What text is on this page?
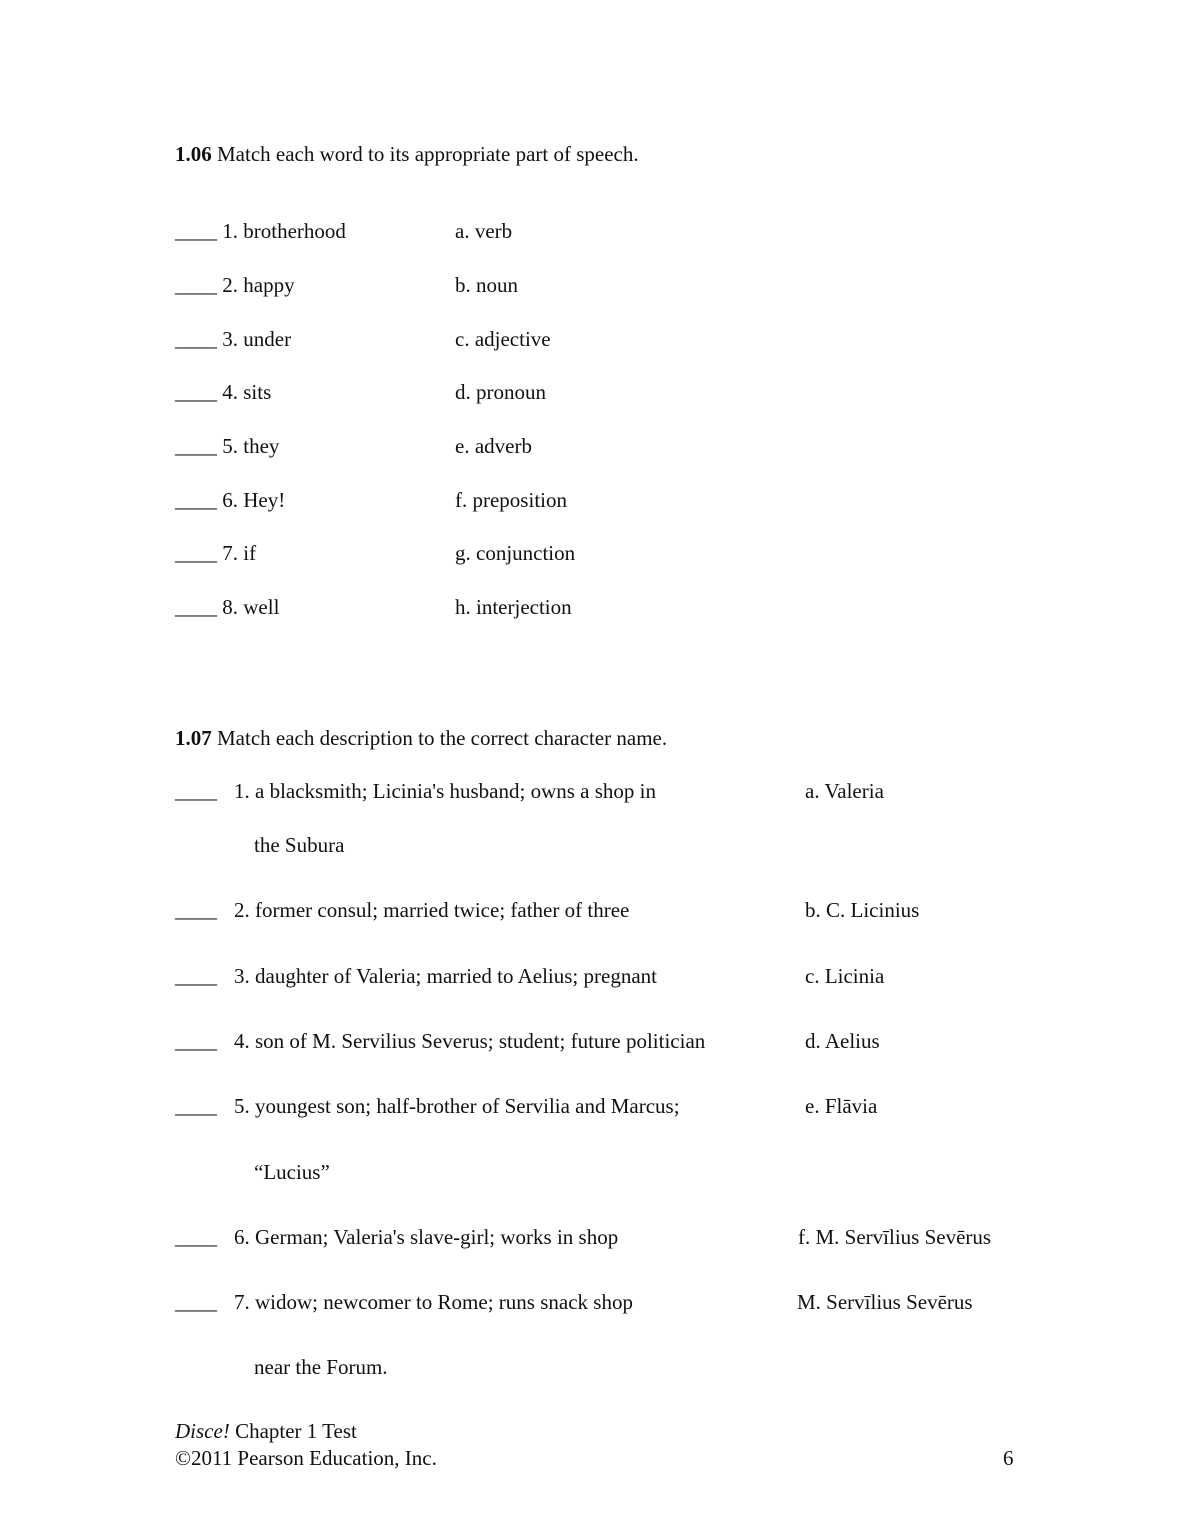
1.06 Match each word to its appropriate part of speech.
____ 1. brotherhood
____ 2. happy
____ 3. under
____ 4. sits
____ 5. they
____ 6. Hey!
____ 7. if
____ 8. well
a. verb
b. noun
c. adjective
d. pronoun
e. adverb
f. preposition
g. conjunction
h. interjection
1.07 Match each description to the correct character name.
____ 1. a blacksmith; Licinia's husband; owns a shop in
the Subura
____ 2. former consul; married twice; father of three
____ 3. daughter of Valeria; married to Aelius; pregnant
____ 4. son of M. Servilius Severus; student; future politician
____ 5. youngest son; half-brother of Servilia and Marcus;
“Lucius”
____ 6. German; Valeria's slave-girl; works in shop
____ 7. widow; newcomer to Rome; runs snack shop
near the Forum.
a. Valeria
b. C. Licinius
c. Licinia
d. Aelius
e. Flāvia
f. M. Servīlius Sevērus
M. Servīlius Sevērus
Disce! Chapter 1 Test
©2011 Pearson Education, Inc.	6
